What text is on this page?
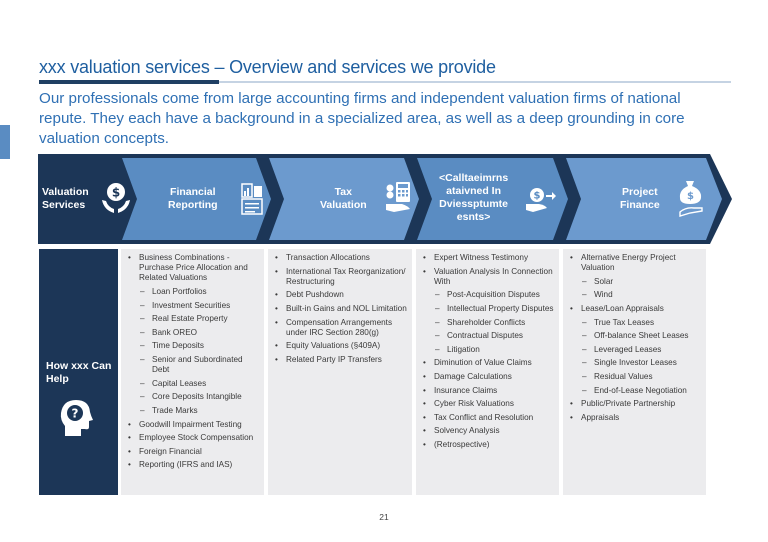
xxx valuation services – Overview and services we provide
Our professionals come from large accounting firms and independent valuation firms of national repute. They each have a background in a specialized area, as well as a deep grounding in core valuation concepts.
Valuation
Services
$	Financial
Reporting
Tax
Valuation
<Calltaeimrns
ataivned In
Dviessptumte
esnts>
$	Project
Finance
$
How xxx Can
Help
?
• Business Combinations - Purchase Price Allocation and Related Valuations
– Loan Portfolios
– Investment Securities
– Real Estate Property
– Bank OREO
– Time Deposits
– Senior and Subordinated Debt
– Capital Leases
– Core Deposits Intangible
– Trade Marks
• Goodwill Impairment Testing
• Employee Stock Compensation
• Foreign Financial
• Reporting (IFRS and IAS)
• Transaction Allocations
• International Tax Reorganization/ Restructuring
• Debt Pushdown
• Built-in Gains and NOL Limitation
• Compensation Arrangements under IRC Section 280(g)
• Equity Valuations (§409A)
• Related Party IP Transfers
• Expert Witness Testimony
• Valuation Analysis In Connection With
– Post-Acquisition Disputes
– Intellectual Property Disputes
– Shareholder Conflicts
– Contractual Disputes
– Litigation
• Diminution of Value Claims
• Damage Calculations
• Insurance Claims
• Cyber Risk Valuations
• Tax Conflict and Resolution
• Solvency Analysis
• (Retrospective)
• Alternative Energy Project Valuation
– Solar
– Wind
• Lease/Loan Appraisals
– True Tax Leases
– Off-balance Sheet Leases
– Leveraged Leases
– Single Investor Leases
– Residual Values
– End-of-Lease Negotiation
• Public/Private Partnership
• Appraisals
21
